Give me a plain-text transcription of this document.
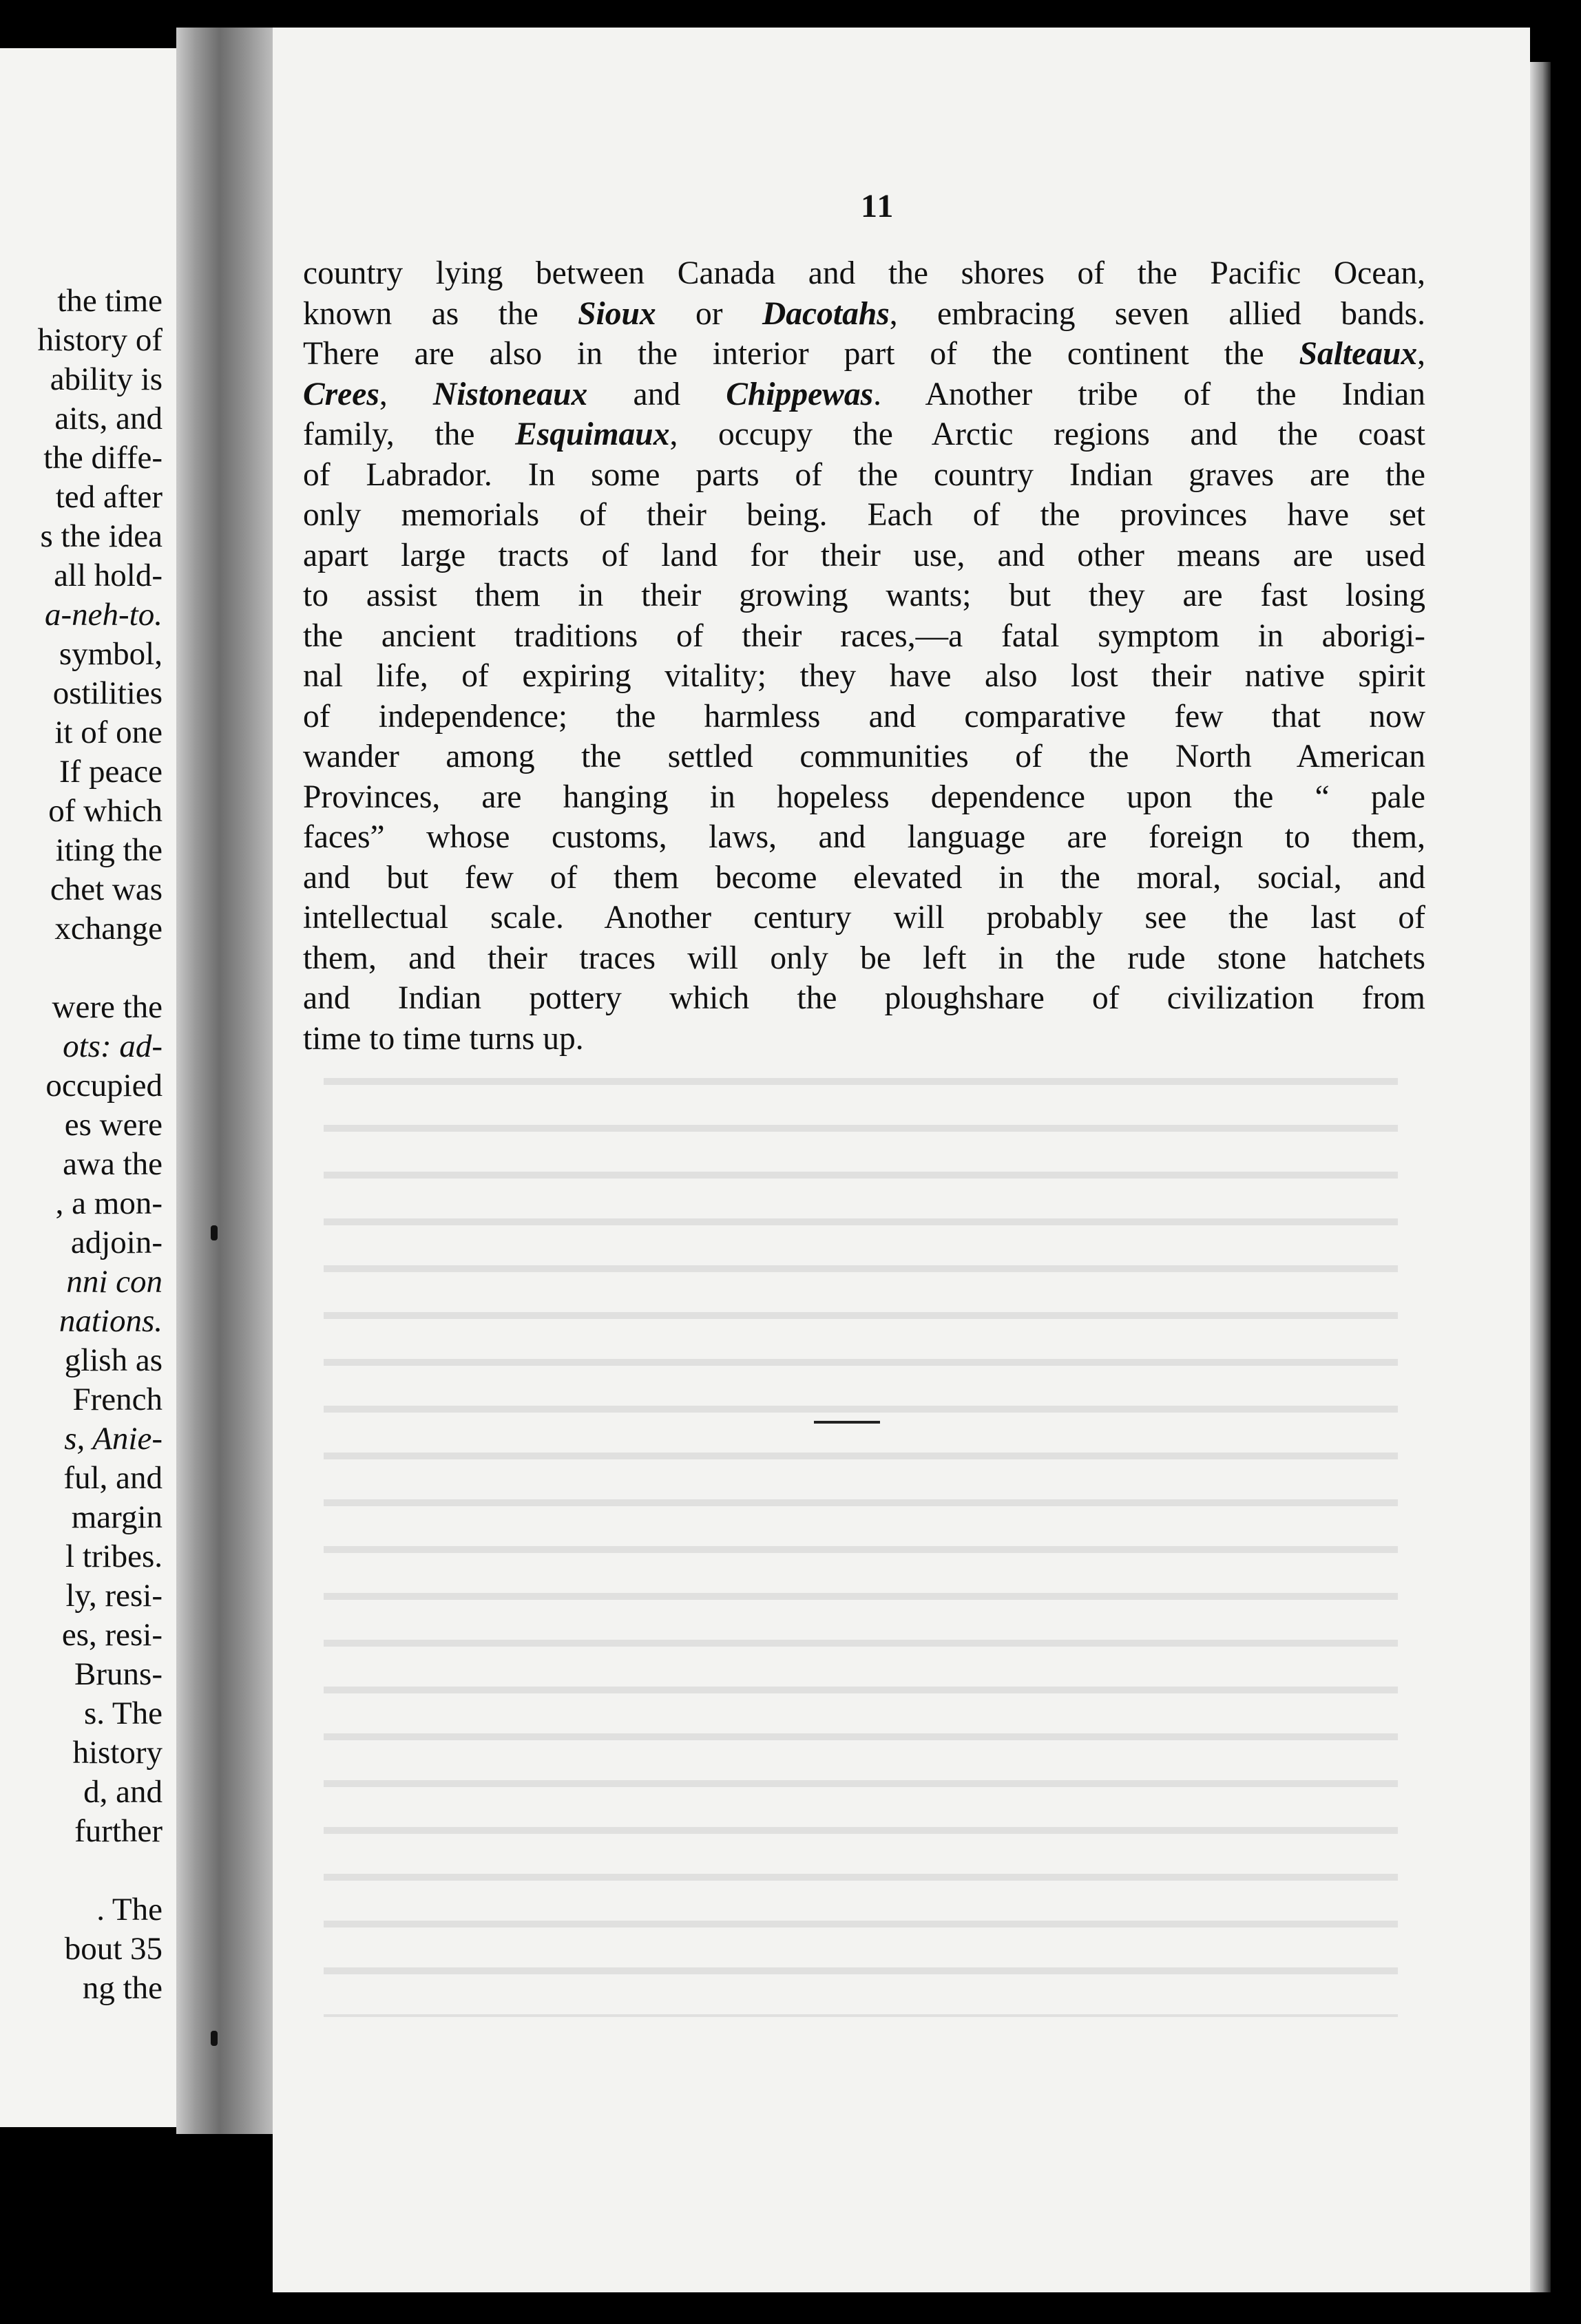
the time
history of
ability is
aits, and
the diffe-
ted after
s the idea
all hold-
a-neh-to.
symbol,
ostilities
it of one
If peace
of which
iting the
chet was
xchange
were the
ots: ad-
occupied
es were
awa the
, a mon-
adjoin-
nni con
nations.
glish as
French
s, Anie-
ful, and
margin
l tribes.
ly, resi-
es, resi-
Bruns-
s. The
history
d, and
further
. The
bout 35
ng the
11
country lying between Canada and the shores of the Pacific Ocean,
known as the Sioux or Dacotahs, embracing seven allied bands.
There are also in the interior part of the continent the Salteaux,
Crees, Nistoneaux and Chippewas. Another tribe of the Indian
family, the Esquimaux, occupy the Arctic regions and the coast
of Labrador. In some parts of the country Indian graves are the
only memorials of their being. Each of the provinces have set
apart large tracts of land for their use, and other means are used
to assist them in their growing wants; but they are fast losing
the ancient traditions of their races,—a fatal symptom in aborigi-
nal life, of expiring vitality; they have also lost their native spirit
of independence; the harmless and comparative few that now
wander among the settled communities of the North American
Provinces, are hanging in hopeless dependence upon the “ pale
faces” whose customs, laws, and language are foreign to them,
and but few of them become elevated in the moral, social, and
intellectual scale. Another century will probably see the last of
them, and their traces will only be left in the rude stone hatchets
and Indian pottery which the ploughshare of civilization from
time to time turns up.
